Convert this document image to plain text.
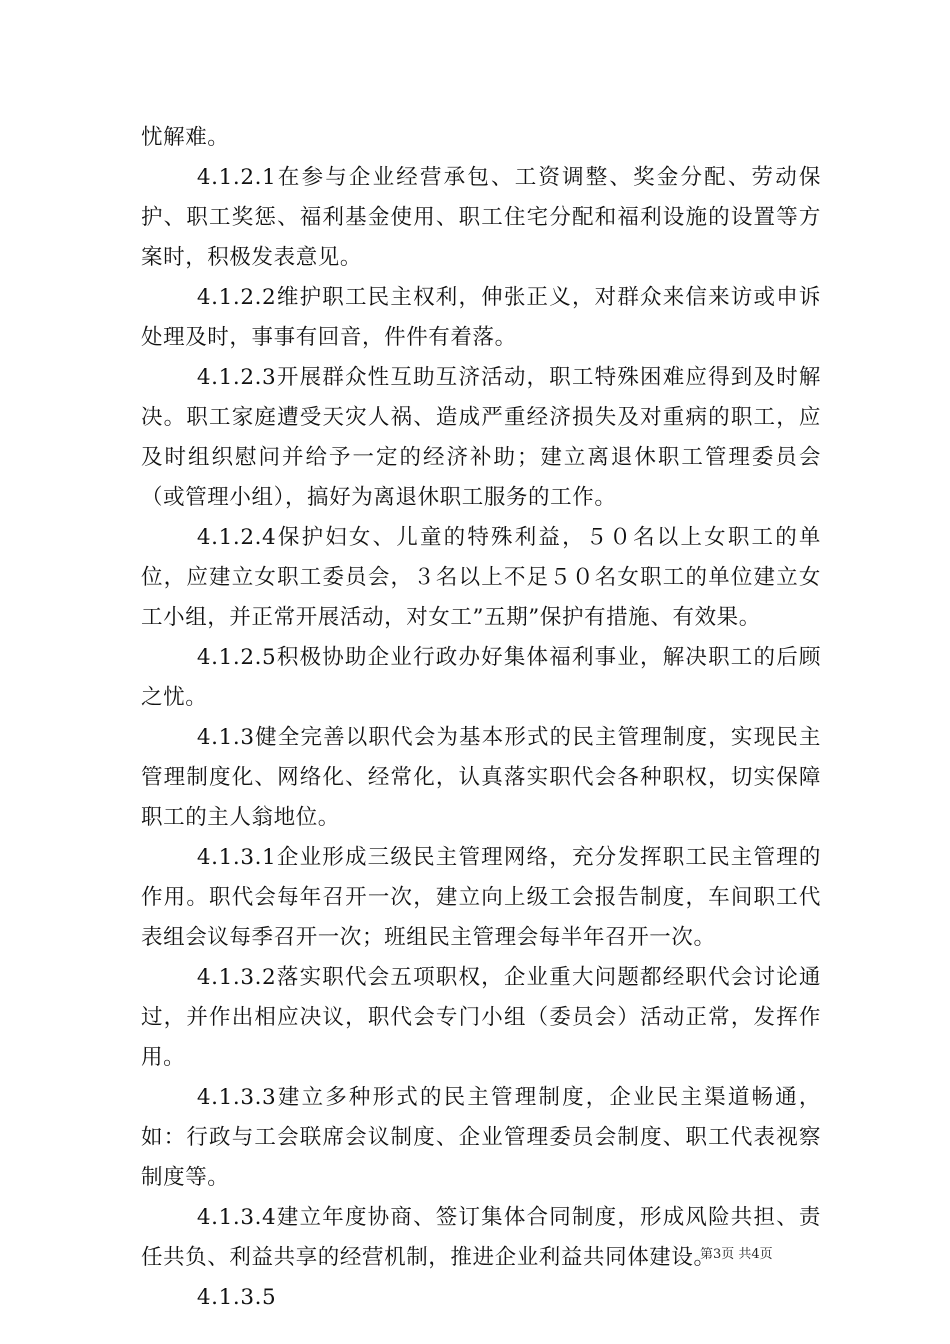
忧解难。

4.1.2.1在参与企业经营承包、工资调整、奖金分配、劳动保护、职工奖惩、福利基金使用、职工住宅分配和福利设施的设置等方案时，积极发表意见。

4.1.2.2维护职工民主权利，伸张正义，对群众来信来访或申诉处理及时，事事有回音，件件有着落。

4.1.2.3开展群众性互助互济活动，职工特殊困难应得到及时解决。职工家庭遭受天灾人祸、造成严重经济损失及对重病的职工，应及时组织慰问并给予一定的经济补助；建立离退休职工管理委员会（或管理小组），搞好为离退休职工服务的工作。

4.1.2.4保护妇女、儿童的特殊利益，５０名以上女职工的单位，应建立女职工委员会，３名以上不足５０名女职工的单位建立女工小组，并正常开展活动，对女工”五期”保护有措施、有效果。

4.1.2.5积极协助企业行政办好集体福利事业，解决职工的后顾之忧。

4.1.3健全完善以职代会为基本形式的民主管理制度，实现民主管理制度化、网络化、经常化，认真落实职代会各种职权，切实保障职工的主人翁地位。

4.1.3.1企业形成三级民主管理网络，充分发挥职工民主管理的作用。职代会每年召开一次，建立向上级工会报告制度，车间职工代表组会议每季召开一次；班组民主管理会每半年召开一次。

4.1.3.2落实职代会五项职权，企业重大问题都经职代会讨论通过，并作出相应决议，职代会专门小组（委员会）活动正常，发挥作用。

4.1.3.3建立多种形式的民主管理制度，企业民主渠道畅通，如：行政与工会联席会议制度、企业管理委员会制度、职工代表视察制度等。

4.1.3.4建立年度协商、签订集体合同制度，形成风险共担、责任共负、利益共享的经营机制，推进企业利益共同体建设。

4.1.3.5

第3页 共4页
